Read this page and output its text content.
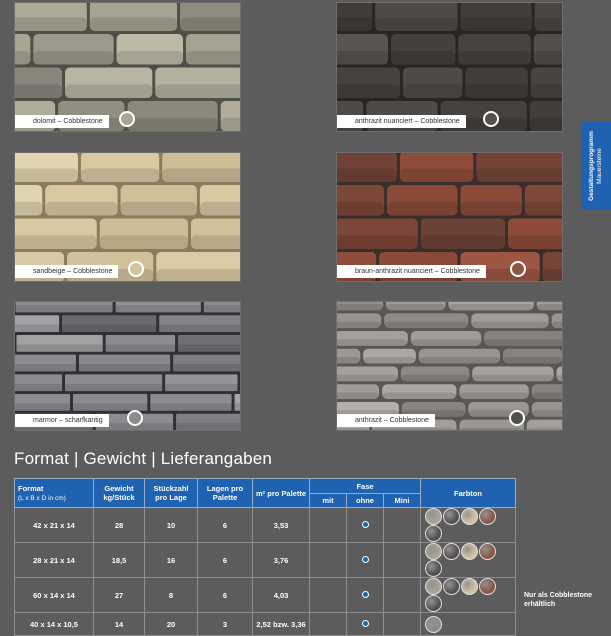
dolomit – Cobblestone	anthrazit nuanciert – Cobblestone
sandbeige – Cobblestone	braun-anthrazit nuanciert – Cobblestone
marmor – scharfkantig	anthrazit – Cobblestone
Gestaltungsprogramm Mauersteine
Format | Gewicht | Lieferangaben
Format
(L x B x D in cm)	Gewicht kg/Stück	Stückzahl pro Lage	Lagen pro Palette	m² pro Palette	Fase			Farbton
					mit	ohne	Mini	
42 x 21 x 14	28	10	6	3,53				
28 x 21 x 14	18,5	16	6	3,76				
60 x 14 x 14	27	8	6	4,03				
40 x 14 x 10,5	14	20	3	2,52 bzw. 3,36				
Nur als Cobblestone
erhältlich
